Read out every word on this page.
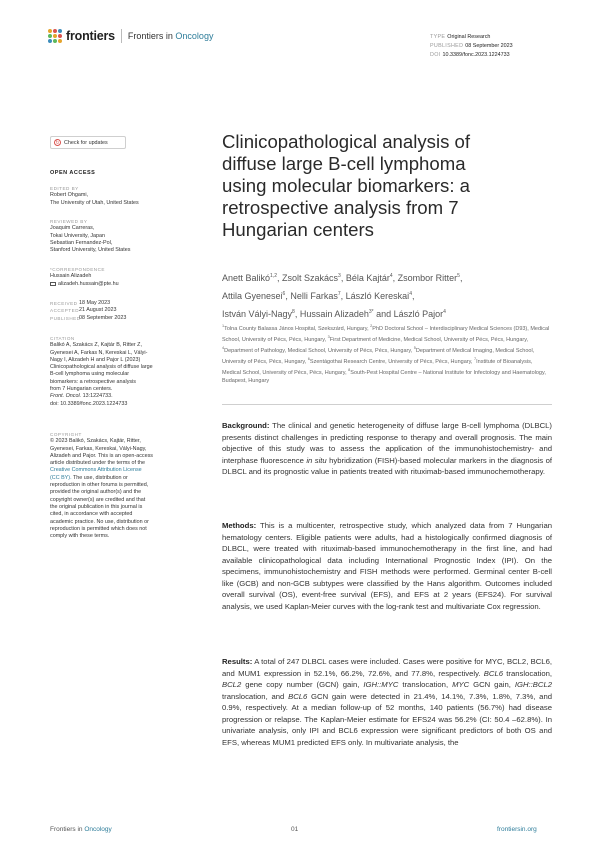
frontiers Frontiers in Oncology	TYPE Original Research
PUBLISHED 08 September 2023
DOI 10.3389/fonc.2023.1224733
↻ Check for updates
OPEN ACCESS
EDITED BY
Robert Ohgami,
The University of Utah, United States
REVIEWED BY
Joaquim Carreras,
Tokai University, Japan
Sebastian Fernandez-Pol,
Stanford University, United States
*CORRESPONDENCE
Hussain Alizadeh
alizadeh.hussain@pte.hu
RECEIVED 18 May 2023
ACCEPTED 21 August 2023
PUBLISHED
08 September 2023
CITATION
Balikó A, Szakács Z, Kajtár B, Ritter Z,
Gyenesei A, Farkas N, Kereskai L, Vályi-
Nagy I, Alizadeh H and Pajor L (2023)
Clinicopathological analysis of diffuse large
B-cell lymphoma using molecular
biomarkers: a retrospective analysis
from 7 Hungarian centers.
Front. Oncol. 13:1224733.
doi: 10.3389/fonc.2023.1224733
COPYRIGHT
© 2023 Balikó, Szakács, Kajtár, Ritter,
Gyenesei, Farkas, Kereskai, Vályi-Nagy,
Alizadeh and Pajor. This is an open-access
article distributed under the terms of the
Creative Commons Attribution License
(CC BY). The use, distribution or
reproduction in other forums is permitted,
provided the original author(s) and the
copyright owner(s) are credited and that
the original publication in this journal is
cited, in accordance with accepted
academic practice. No use, distribution or
reproduction is permitted which does not
comply with these terms.
Clinicopathological analysis of
diffuse large B-cell lymphoma
using molecular biomarkers: a
retrospective analysis from 7
Hungarian centers
Anett Balikó$^{1,2}$, Zsolt Szakács$^3$, Béla Kajtár$^4$, Zsombor Ritter$^5$,
Attila Gyenesei$^6$, Nelli Farkas$^7$, László Kereskai$^4$,
István Vályi-Nagy$^8$, Hussain Alizadeh$^{3*}$ and László Pajor$^4$
$^1$Tolna County Balassa János Hospital, Szekszárd, Hungary, $^2$PhD Doctoral School – Interdisciplinary Medical Sciences (D93), Medical School, University of Pécs, Pécs, Hungary, $^3$First Department of Medicine, Medical School, University of Pécs, Pécs, Hungary, $^4$Department of Pathology, Medical School, University of Pécs, Pécs, Hungary, $^5$Department of Medical Imaging, Medical School, University of Pécs, Pécs, Hungary, $^6$Szentágothai Research Centre, University of Pécs, Pécs, Hungary, $^7$Institute of Bioanalysis, Medical School, University of Pécs, Pécs, Hungary, $^8$South-Pest Hospital Centre – National Institute for Infectology and Haematology, Budapest, Hungary

Background: The clinical and genetic heterogeneity of diffuse large B-cell lymphoma (DLBCL) presents distinct challenges in predicting response to therapy and overall prognosis. The main objective of this study was to assess the application of the immunohistochemistry- and interphase fluorescence in situ hybridization (FISH)-based molecular markers in the diagnosis of DLBCL and its prognostic value in patients treated with rituximab-based immunochemotherapy.

Methods: This is a multicenter, retrospective study, which analyzed data from 7 Hungarian hematology centers. Eligible patients were adults, had a histologically confirmed diagnosis of DLBCL, were treated with rituximab-based immunochemotherapy in the first line, and had available clinicopathological data including International Prognostic Index (IPI). On the specimens, immunohistochemistry and FISH methods were performed. Germinal center B-cell like (GCB) and non-GCB subtypes were classified by the Hans algorithm. Outcomes included overall survival (OS), event-free survival (EFS), and EFS at 2 years (EFS24). For survival analysis, we used Kaplan-Meier curves with the log-rank test and multivariate Cox regression.

Results: A total of 247 DLBCL cases were included. Cases were positive for MYC, BCL2, BCL6, and MUM1 expression in 52.1%, 66.2%, 72.6%, and 77.8%, respectively. BCL6 translocation, BCL2 gene copy number (GCN) gain, IGH::MYC translocation, MYC GCN gain, IGH::BCL2 translocation, and BCL6 GCN gain were detected in 21.4%, 14.1%, 7.3%, 1.8%, 7.3%, and 0.9%, respectively. At a median follow-up of 52 months, 140 patients (56.7%) had disease progression or relapse. The Kaplan-Meier estimate for EFS24 was 56.2% (CI: 50.4 –62.8%). In univariate analysis, only IPI and BCL6 expression were significant predictors of both OS and EFS, whereas MUM1 predicted EFS only. In multivariate analysis, the

Frontiers in Oncology	01	frontiersin.org
